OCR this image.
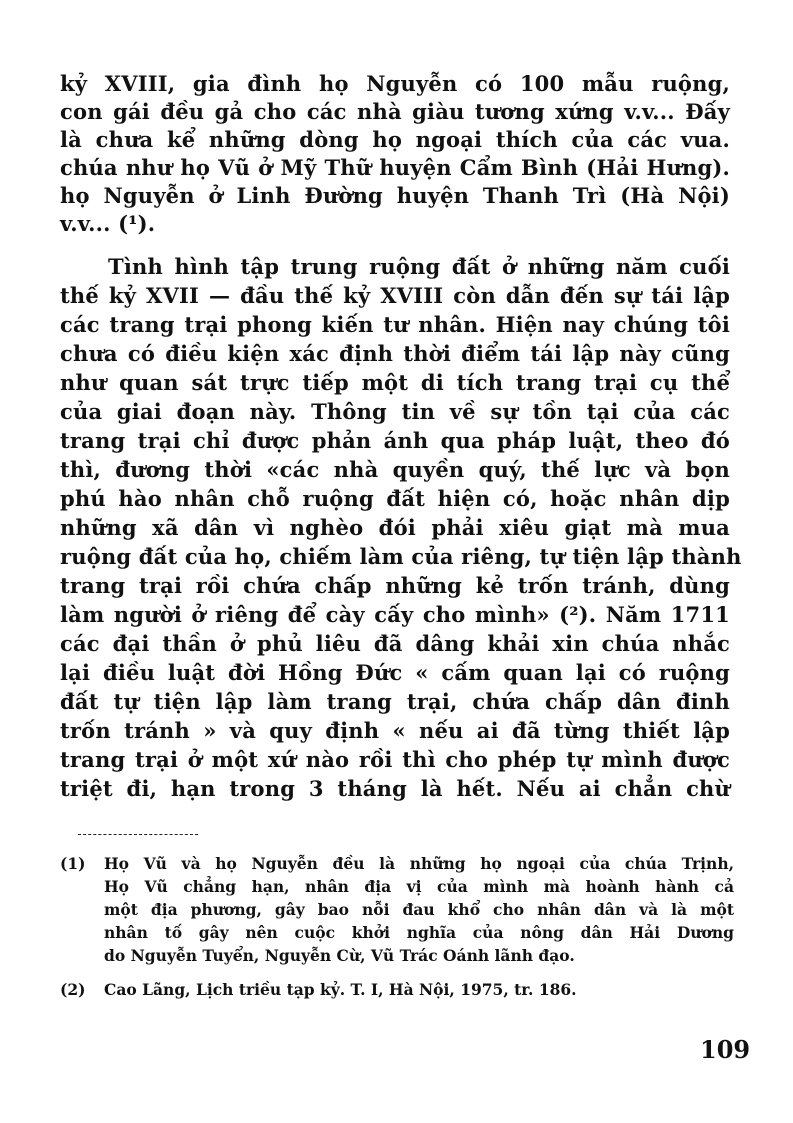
kỷ XVIII, gia đình họ Nguyễn có 100 mẫu ruộng,
con gái đều gả cho các nhà giàu tương xứng v.v... Đấy
là chưa kể những dòng họ ngoại thích của các vua.
chúa như họ Vũ ở Mỹ Thữ huyện Cẩm Bình (Hải Hưng).
họ Nguyễn ở Linh Đường huyện Thanh Trì (Hà Nội)
v.v... (¹).
Tình hình tập trung ruộng đất ở những năm cuối
thế kỷ XVII — đầu thế kỷ XVIII còn dẫn đến sự tái lập
các trang trại phong kiến tư nhân. Hiện nay chúng tôi
chưa có điều kiện xác định thời điểm tái lập này cũng
như quan sát trực tiếp một di tích trang trại cụ thể
của giai đoạn này. Thông tin về sự tồn tại của các
trang trại chỉ được phản ánh qua pháp luật, theo đó
thì, đương thời «các nhà quyền quý, thế lực và bọn
phú hào nhân chỗ ruộng đất hiện có, hoặc nhân dịp
những xã dân vì nghèo đói phải xiêu giạt mà mua
ruộng đất của họ, chiếm làm của riêng, tự tiện lập thành
trang trại rồi chứa chấp những kẻ trốn tránh, dùng
làm người ở riêng để cày cấy cho mình» (²). Năm 1711
các đại thần ở phủ liêu đã dâng khải xin chúa nhắc
lại điều luật đời Hồng Đức « cấm quan lại có ruộng
đất tự tiện lập làm trang trại, chứa chấp dân đinh
trốn tránh » và quy định « nếu ai đã từng thiết lập
trang trại ở một xứ nào rồi thì cho phép tự mình được
triệt đi, hạn trong 3 tháng là hết. Nếu ai chẳn chừ
(1) Họ Vũ và họ Nguyễn đều là những họ ngoại của chúa Trịnh,
Họ Vũ chẳng hạn, nhân địa vị của mình mà hoành hành cả
một địa phương, gây bao nỗi đau khổ cho nhân dân và là một
nhân tố gây nên cuộc khởi nghĩa của nông dân Hải Dương
do Nguyễn Tuyển, Nguyễn Cừ, Vũ Trác Oánh lãnh đạo.
(2) Cao Lãng, Lịch triều tạp kỷ. T. I, Hà Nội, 1975, tr. 186.
109
